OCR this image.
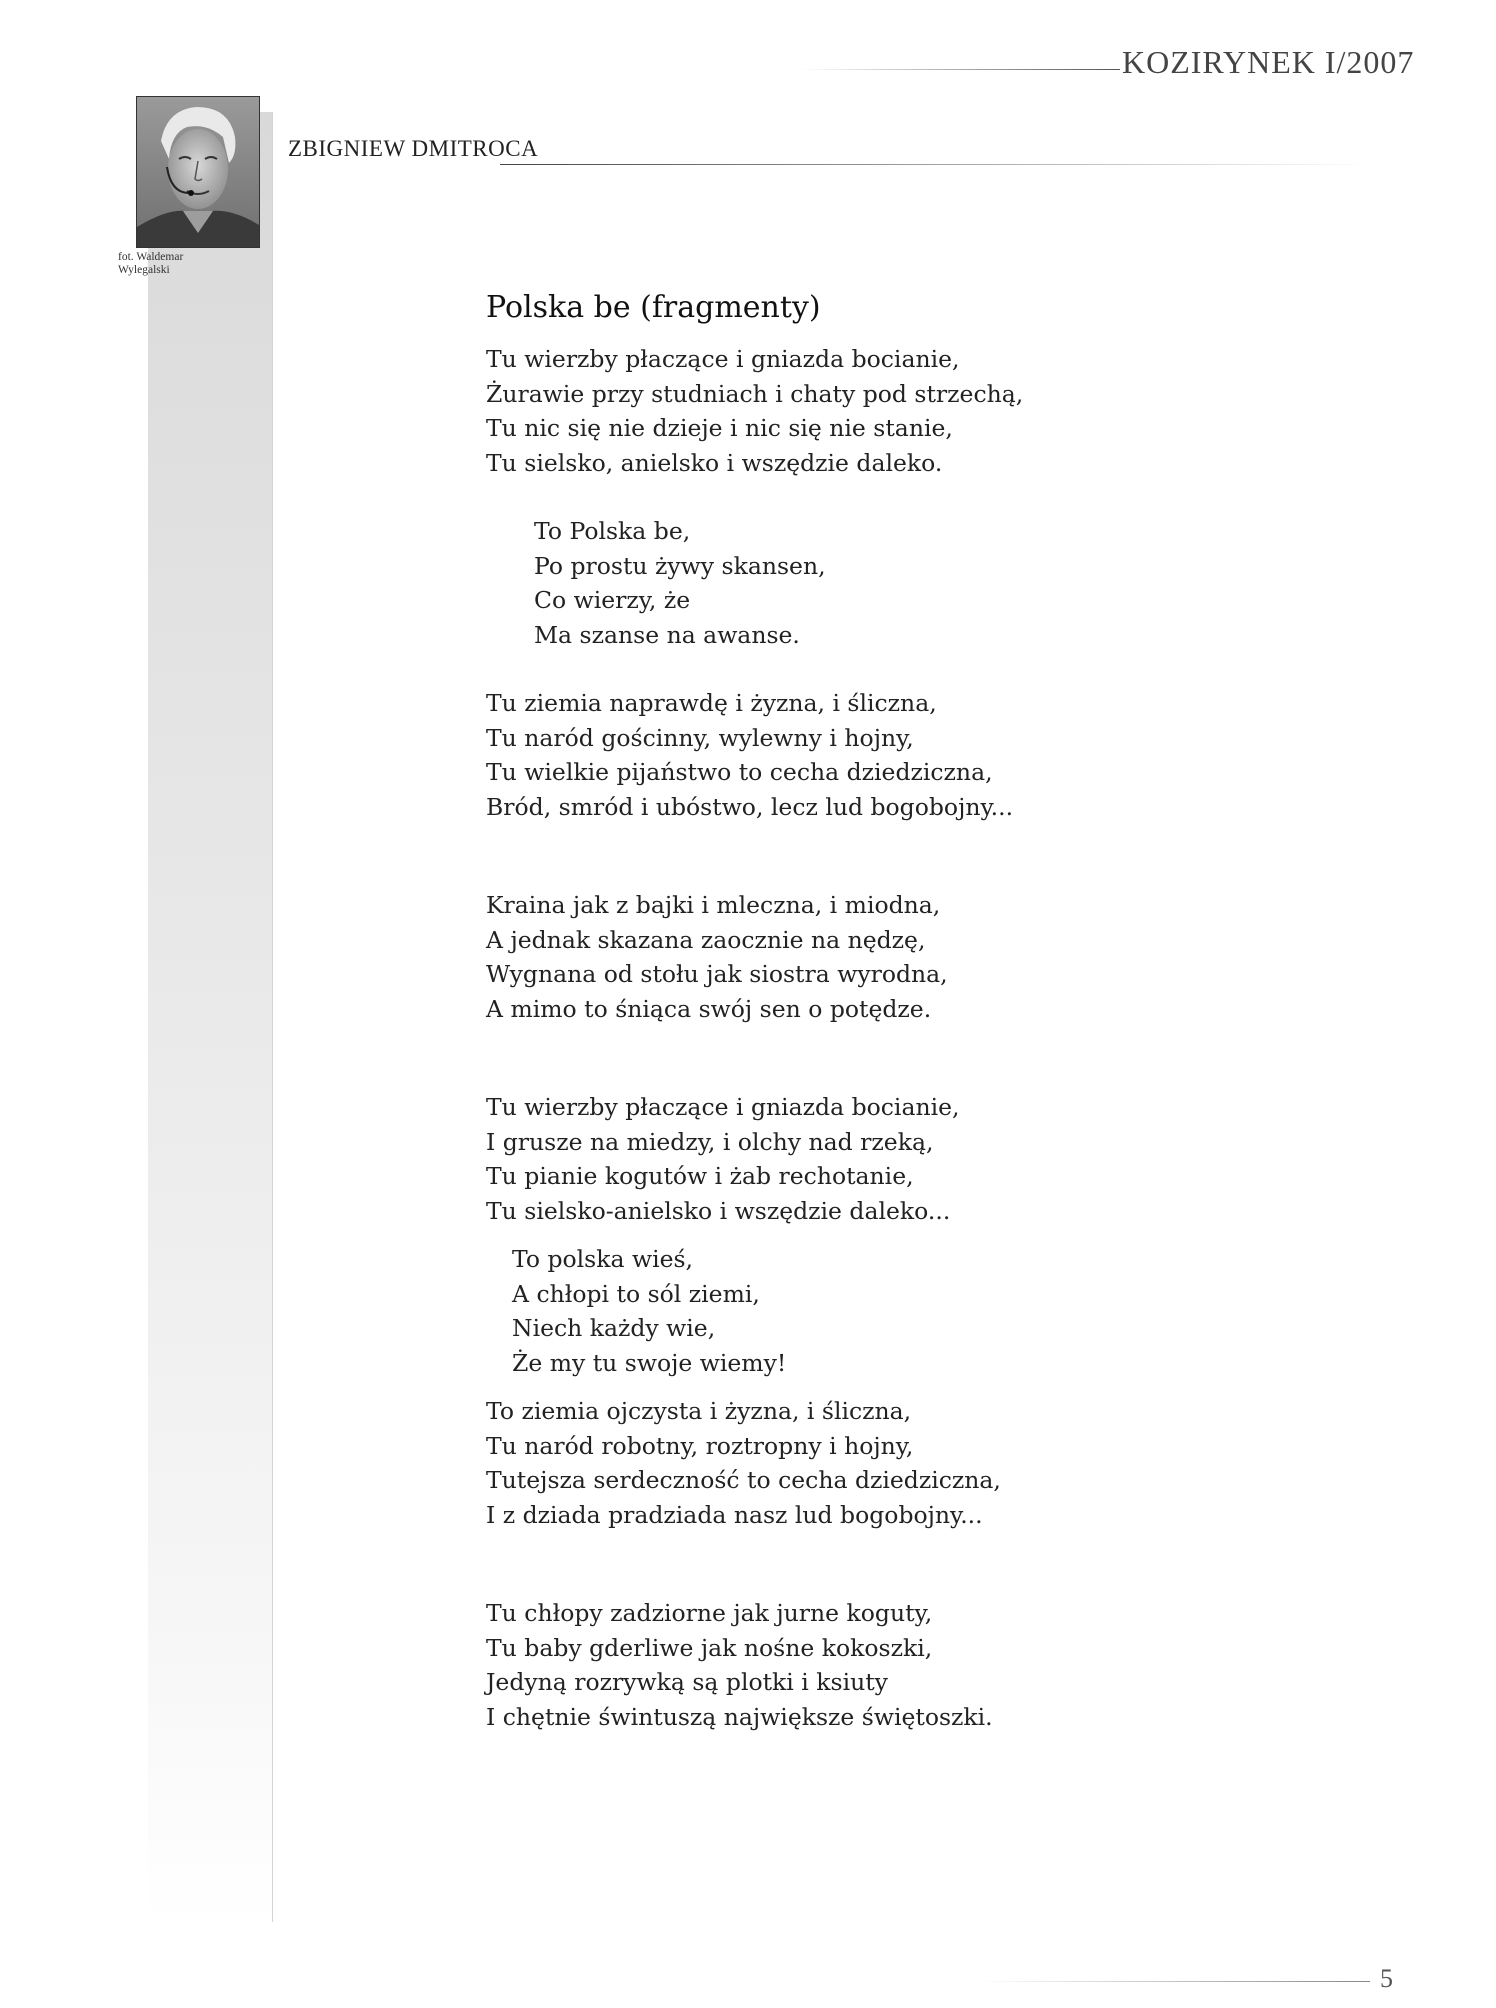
KOZIRYNEK I/2007
fot. Waldemar
Wylegalski
ZBIGNIEW DMITROCA
Polska be (fragmenty)
Tu wierzby płaczące i gniazda bocianie,
Żurawie przy studniach i chaty pod strzechą,
Tu nic się nie dzieje i nic się nie stanie,
Tu sielsko, anielsko i wszędzie daleko.
To Polska be,
Po prostu żywy skansen,
Co wierzy, że
Ma szanse na awanse.
Tu ziemia naprawdę i żyzna, i śliczna,
Tu naród gościnny, wylewny i hojny,
Tu wielkie pijaństwo to cecha dziedziczna,
Bród, smród i ubóstwo, lecz lud bogobojny...
Kraina jak z bajki i mleczna, i miodna,
A jednak skazana zaocznie na nędzę,
Wygnana od stołu jak siostra wyrodna,
A mimo to śniąca swój sen o potędze.
Tu wierzby płaczące i gniazda bocianie,
I grusze na miedzy, i olchy nad rzeką,
Tu pianie kogutów i żab rechotanie,
Tu sielsko-anielsko i wszędzie daleko...
To polska wieś,
A chłopi to sól ziemi,
Niech każdy wie,
Że my tu swoje wiemy!
To ziemia ojczysta i żyzna, i śliczna,
Tu naród robotny, roztropny i hojny,
Tutejsza serdeczność to cecha dziedziczna,
I z dziada pradziada nasz lud bogobojny...
Tu chłopy zadziorne jak jurne koguty,
Tu baby gderliwe jak nośne kokoszki,
Jedyną rozrywką są plotki i ksiuty
I chętnie świntuszą największe świętoszki.
5
